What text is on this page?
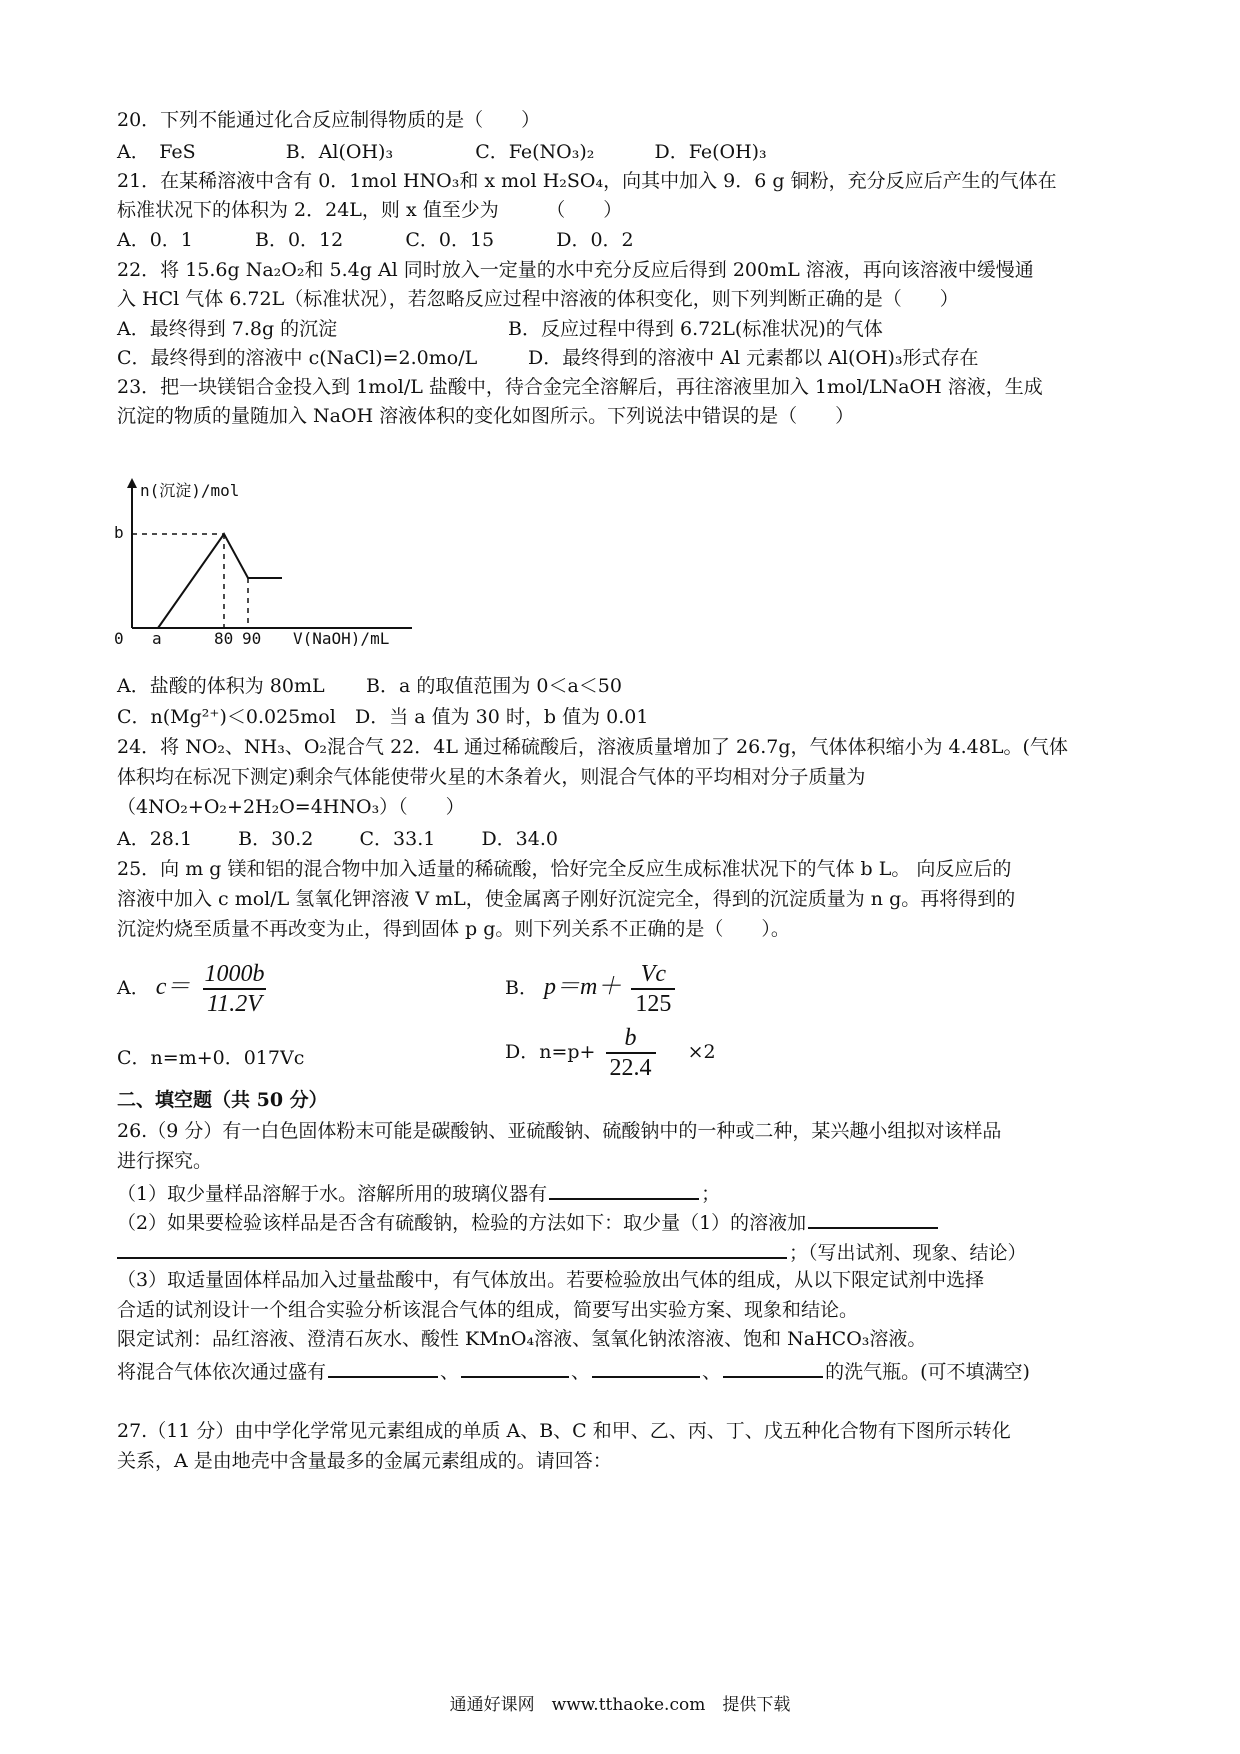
20．下列不能通过化合反应制得物质的是（　　）
A．　FeS	B．Al(OH)₃	C．Fe(NO₃)₂	D．Fe(OH)₃
21．在某稀溶液中含有 0．1mol HNO₃和 x mol H₂SO₄，向其中加入 9．6 g 铜粉，充分反应后产生的气体在
标准状况下的体积为 2．24L，则 x 值至少为　　　（　　）
A．0．1	B．0．12	C．0．15	D．0．2
22．将 15.6g Na₂O₂和 5.4g Al 同时放入一定量的水中充分反应后得到 200mL 溶液，再向该溶液中缓慢通
入 HCl 气体 6.72L（标准状况），若忽略反应过程中溶液的体积变化，则下列判断正确的是（　　）
A．最终得到 7.8g 的沉淀	B．反应过程中得到 6.72L(标准状况)的气体
C．最终得到的溶液中 c(NaCl)=2.0mo/L	D．最终得到的溶液中 Al 元素都以 Al(OH)₃形式存在
23．把一块镁铝合金投入到 1mol/L 盐酸中，待合金完全溶解后，再往溶液里加入 1mol/LNaOH 溶液，生成
沉淀的物质的量随加入 NaOH 溶液体积的变化如图所示。下列说法中错误的是（　　）
n(沉淀)/mol
V(NaOH)/mL
0
b
a	80 90
A．盐酸的体积为 80mL B．a 的取值范围为 0＜a＜50
C．n(Mg²⁺)＜0.025mol D．当 a 值为 30 时，b 值为 0.01
24．将 NO₂、NH₃、O₂混合气 22．4L 通过稀硫酸后，溶液质量增加了 26.7g，气体体积缩小为 4.48L。(气体
体积均在标况下测定)剩余气体能使带火星的木条着火，则混合气体的平均相对分子质量为
（4NO₂+O₂+2H₂O=4HNO₃）（　　）
A．28.1 B．30.2 C．33.1 D．34.0
25．向 m g 镁和铝的混合物中加入适量的稀硫酸，恰好完全反应生成标准状况下的气体 b L。 向反应后的
溶液中加入 c mol/L 氢氧化钾溶液 V mL，使金属离子刚好沉淀完全，得到的沉淀质量为 n g。再将得到的
沉淀灼烧至质量不再改变为止，得到固体 p g。则下列关系不正确的是（　　）。
A． $c= \frac{1000b}{11.2V}$	B． $p=m+ \frac{Vc}{125}$
C．n=m+0．017Vc	D．$n=p+ \frac{b}{22.4} \times 2$
二、填空题（共 50 分）
26.（9 分）有一白色固体粉末可能是碳酸钠、亚硫酸钠、硫酸钠中的一种或二种，某兴趣小组拟对该样品
进行探究。
（1）取少量样品溶解于水。溶解所用的玻璃仪器有	；
（2）如果要检验该样品是否含有硫酸钠，检验的方法如下：取少量（1）的溶液加
；（写出试剂、现象、结论）
（3）取适量固体样品加入过量盐酸中，有气体放出。若要检验放出气体的组成，从以下限定试剂中选择
合适的试剂设计一个组合实验分析该混合气体的组成，简要写出实验方案、现象和结论。
限定试剂：品红溶液、澄清石灰水、酸性 KMnO₄溶液、氢氧化钠浓溶液、饱和 NaHCO₃溶液。
将混合气体依次通过盛有	、	、	、	的洗气瓶。(可不填满空)
27.（11 分）由中学化学常见元素组成的单质 A、B、C 和甲、乙、丙、丁、戊五种化合物有下图所示转化
关系，A 是由地壳中含量最多的金属元素组成的。请回答：
通通好课网　www.tthaoke.com　提供下载
